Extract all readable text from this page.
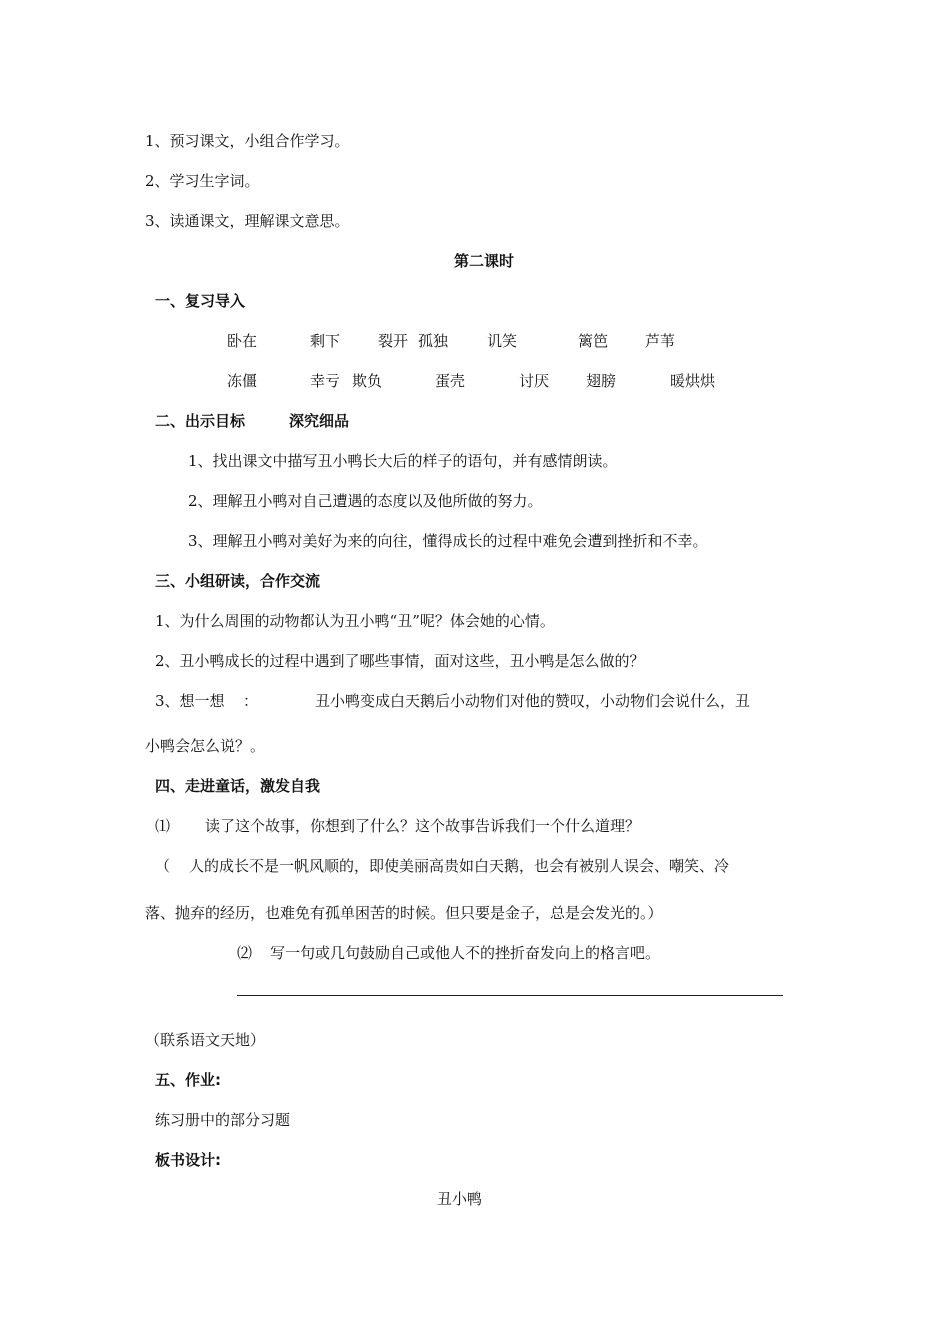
1、预习课文，小组合作学习。
2、学习生字词。
3、读通课文，理解课文意思。
第二课时
一、复习导入
卧在	剩下	裂开 孤独	讥笑	篱笆 芦苇
冻僵	幸亏 欺负	蛋壳	讨厌 翅膀	暖烘烘
二、出示目标	深究细品
1、找出课文中描写丑小鸭长大后的样子的语句，并有感情朗读。
2、理解丑小鸭对自己遭遇的态度以及他所做的努力。
3、理解丑小鸭对美好为来的向往，懂得成长的过程中难免会遭到挫折和不幸。
三、小组研读，合作交流
1、为什么周围的动物都认为丑小鸭“丑”呢？体会她的心情。
2、丑小鸭成长的过程中遇到了哪些事情，面对这些，丑小鸭是怎么做的？
3、想一想 ：	丑小鸭变成白天鹅后小动物们对他的赞叹，小动物们会说什么，丑
小鸭会怎么说？。
四、走进童话，激发自我
⑴ 读了这个故事，你想到了什么？这个故事告诉我们一个什么道理？
（ 人的成长不是一帆风顺的，即使美丽高贵如白天鹅，也会有被别人误会、嘲笑、冷
落、抛弃的经历，也难免有孤单困苦的时候。但只要是金子，总是会发光的。）
⑵ 写一句或几句鼓励自己或他人不的挫折奋发向上的格言吧。
（联系语文天地）
五、作业:
练习册中的部分习题
板书设计:
丑小鸭
